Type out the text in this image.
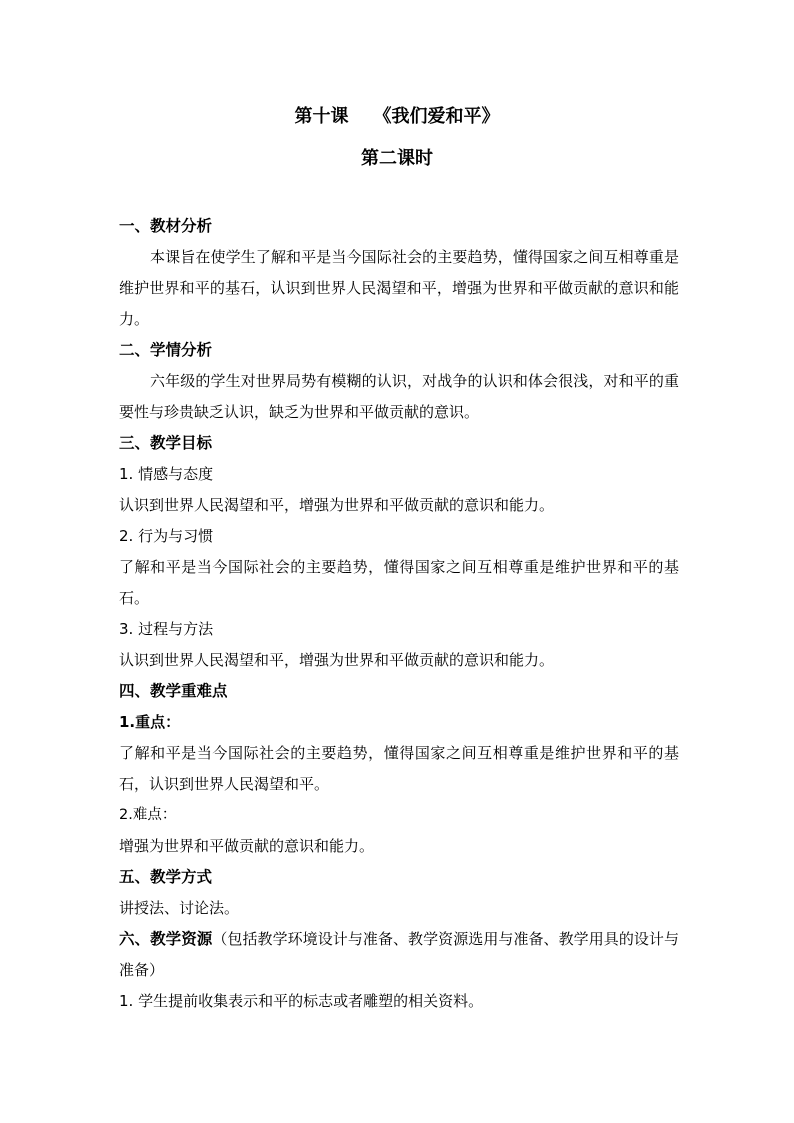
第十课    《我们爱和平》
第二课时

一、教材分析

本课旨在使学生了解和平是当今国际社会的主要趋势，懂得国家之间互相尊重是维护世界和平的基石，认识到世界人民渴望和平，增强为世界和平做贡献的意识和能力。

二、学情分析

六年级的学生对世界局势有模糊的认识，对战争的认识和体会很浅，对和平的重要性与珍贵缺乏认识，缺乏为世界和平做贡献的意识。

三、教学目标

1. 情感与态度

认识到世界人民渴望和平，增强为世界和平做贡献的意识和能力。

2. 行为与习惯

了解和平是当今国际社会的主要趋势，懂得国家之间互相尊重是维护世界和平的基石。

3. 过程与方法

认识到世界人民渴望和平，增强为世界和平做贡献的意识和能力。

四、教学重难点

1.重点：

了解和平是当今国际社会的主要趋势，懂得国家之间互相尊重是维护世界和平的基石，认识到世界人民渴望和平。

2.难点：

增强为世界和平做贡献的意识和能力。

五、教学方式

讲授法、讨论法。

六、教学资源（包括教学环境设计与准备、教学资源选用与准备、教学用具的设计与准备）

1. 学生提前收集表示和平的标志或者雕塑的相关资料。
